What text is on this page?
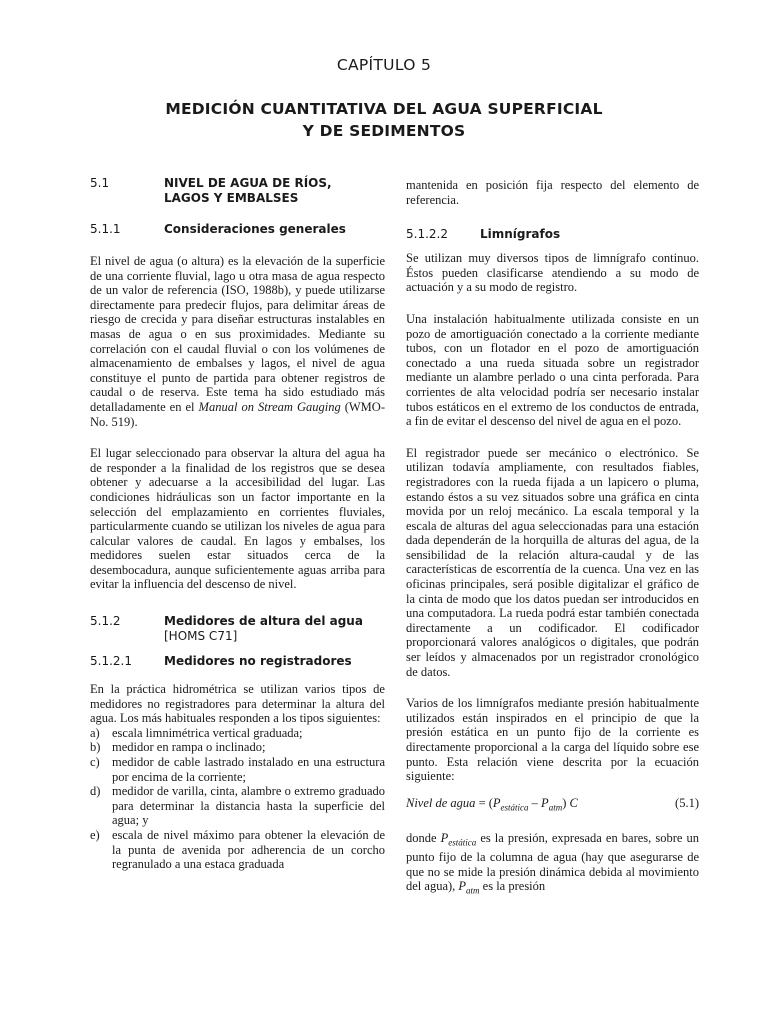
CAPÍTULO 5
MEDICIÓN CUANTITATIVA DEL AGUA SUPERFICIAL
Y DE SEDIMENTOS
5.1	NIVEL DE AGUA DE RÍOS, LAGOS Y EMBALSES
5.1.1	Consideraciones generales

El nivel de agua (o altura) es la elevación de la superficie de una corriente fluvial, lago u otra masa de agua respecto de un valor de referencia (ISO, 1988b), y puede utilizarse directamente para predecir flujos, para delimitar áreas de riesgo de crecida y para diseñar estructuras instalables en masas de agua o en sus proximidades. Mediante su correlación con el caudal fluvial o con los volúmenes de almacenamiento de embalses y lagos, el nivel de agua constituye el punto de partida para obtener registros de caudal o de reserva. Este tema ha sido estudiado más detalladamente en el Manual on Stream Gauging (WMO-No. 519).

El lugar seleccionado para observar la altura del agua ha de responder a la finalidad de los registros que se desea obtener y adecuarse a la accesibilidad del lugar. Las condiciones hidráulicas son un factor importante en la selección del emplazamiento en corrientes fluviales, particularmente cuando se utilizan los niveles de agua para calcular valores de caudal. En lagos y embalses, los medidores suelen estar situados cerca de la desembocadura, aunque suficientemente aguas arriba para evitar la influencia del descenso de nivel.

5.1.2	Medidores de altura del agua
[HOMS C71]
5.1.2.1	Medidores no registradores

En la práctica hidrométrica se utilizan varios tipos de medidores no registradores para determinar la altura del agua. Los más habituales responden a los tipos siguientes:

a) escala limnimétrica vertical graduada;
b) medidor en rampa o inclinado;
c) medidor de cable lastrado instalado en una estructura por encima de la corriente;
d) medidor de varilla, cinta, alambre o extremo graduado para determinar la distancia hasta la superficie del agua; y
e) escala de nivel máximo para obtener la elevación de la punta de avenida por adherencia de un corcho regranulado a una estaca graduada

mantenida en posición fija respecto del elemento de referencia.

5.1.2.2	Limnígrafos

Se utilizan muy diversos tipos de limnígrafo continuo. Éstos pueden clasificarse atendiendo a su modo de actuación y a su modo de registro.

Una instalación habitualmente utilizada consiste en un pozo de amortiguación conectado a la corriente mediante tubos, con un flotador en el pozo de amortiguación conectado a una rueda situada sobre un registrador mediante un alambre perlado o una cinta perforada. Para corrientes de alta velocidad podría ser necesario instalar tubos estáticos en el extremo de los conductos de entrada, a fin de evitar el descenso del nivel de agua en el pozo.

El registrador puede ser mecánico o electrónico. Se utilizan todavía ampliamente, con resultados fiables, registradores con la rueda fijada a un lapicero o pluma, estando éstos a su vez situados sobre una gráfica en cinta movida por un reloj mecánico. La escala temporal y la escala de alturas del agua seleccionadas para una estación dada dependerán de la horquilla de alturas del agua, de la sensibilidad de la relación altura-caudal y de las características de escorrentía de la cuenca. Una vez en las oficinas principales, será posible digitalizar el gráfico de la cinta de modo que los datos puedan ser introducidos en una computadora. La rueda podrá estar también conectada directamente a un codificador. El codificador proporcionará valores analógicos o digitales, que podrán ser leídos y almacenados por un registrador cronológico de datos.

Varios de los limnígrafos mediante presión habitualmente utilizados están inspirados en el principio de que la presión estática en un punto fijo de la corriente es directamente proporcional a la carga del líquido sobre ese punto. Esta relación viene descrita por la ecuación siguiente:

Nivel de agua = $(P_{estática} - P_{atm})$ C	(5.1)

donde $P_{estática}$ es la presión, expresada en bares, sobre un punto fijo de la columna de agua (hay que asegurarse de que no se mide la presión dinámica debida al movimiento del agua), $P_{atm}$ es la presión
